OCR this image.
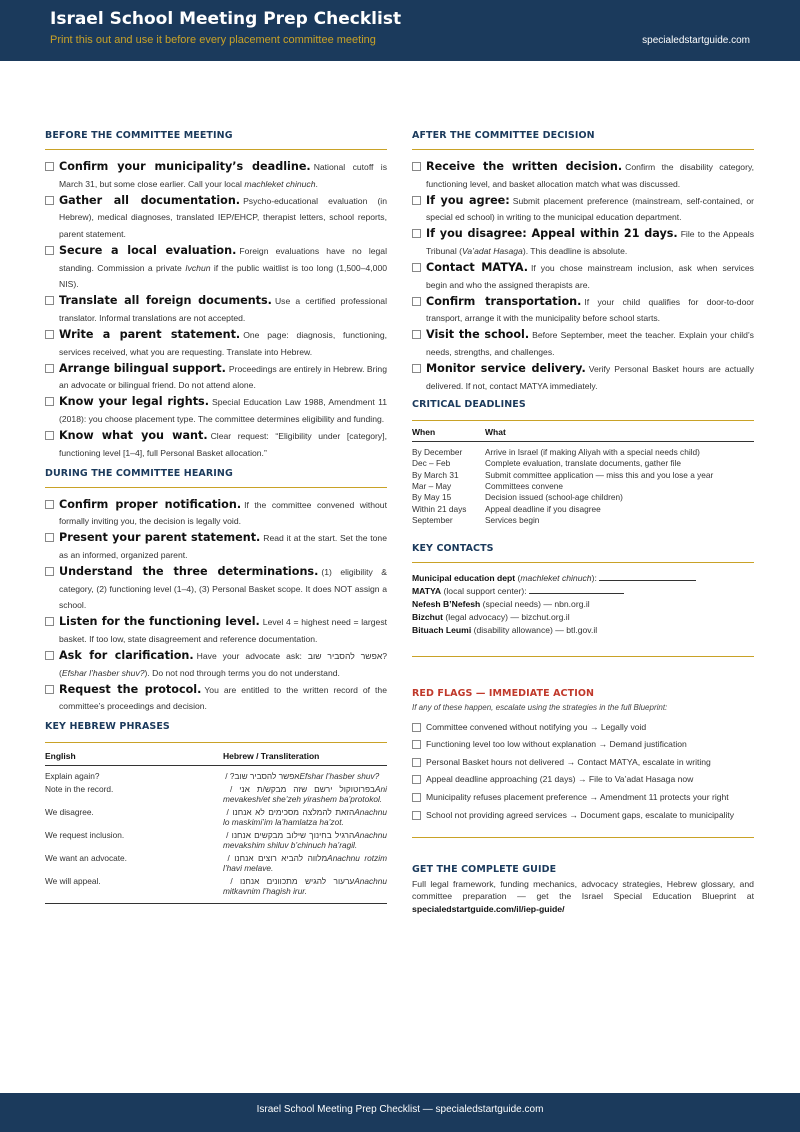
Israel School Meeting Prep Checklist
Print this out and use it before every placement committee meeting	specialedstartguide.com
BEFORE THE COMMITTEE MEETING
Confirm your municipality’s deadline. National cutoff is March 31, but some close earlier. Call your local machleket chinuch.
Gather all documentation. Psycho-educational evaluation (in Hebrew), medical diagnoses, translated IEP/EHCP, therapist letters, school reports, parent statement.
Secure a local evaluation. Foreign evaluations have no legal standing. Commission a private Ivchun if the public waitlist is too long (1,500–4,000 NIS).
Translate all foreign documents. Use a certified professional translator. Informal translations are not accepted.
Write a parent statement. One page: diagnosis, functioning, services received, what you are requesting. Translate into Hebrew.
Arrange bilingual support. Proceedings are entirely in Hebrew. Bring an advocate or bilingual friend. Do not attend alone.
Know your legal rights. Special Education Law 1988, Amendment 11 (2018): you choose placement type. The committee determines eligibility and funding.
Know what you want. Clear request: “Eligibility under [category], functioning level [1–4], full Personal Basket allocation.”
DURING THE COMMITTEE HEARING
Confirm proper notification. If the committee convened without formally inviting you, the decision is legally void.
Present your parent statement. Read it at the start. Set the tone as an informed, organized parent.
Understand the three determinations. (1) eligibility & category, (2) functioning level (1–4), (3) Personal Basket scope. It does NOT assign a school.
Listen for the functioning level. Level 4 = highest need = largest basket. If too low, state disagreement and reference documentation.
Ask for clarification. Have your advocate ask: אפשר להסביר שוב? (Efshar l’hasber shuv?). Do not nod through terms you do not understand.
Request the protocol. You are entitled to the written record of the committee’s proceedings and decision.
KEY HEBREW PHRASES
English	Hebrew / Transliteration
Explain again?	אפשר להסביר שוב? / Efshar l’hasber shuv?
Note in the record.	בפרוטוקול ירשם שזה מבקש/ת אני / Ani mevakesh/et she’zeh yirashem ba’protokol.
We disagree.	הזאת להמלצה מסכימים לא אנחנו / Anachnu lo maskimi’im la’hamlatza ha’zot.
We request inclusion.	הרגיל בחינוך שילוב מבקשים אנחנו / Anachnu mevakshim shiluv b’chinuch ha’ragil.
We want an advocate.	מלווה להביא רוצים אנחנו / Anachnu rotzim l’havi melave.
We will appeal.	ערעור להגיש מתכוונים אנחנו / Anachnu mitkavnim l’hagish irur.
AFTER THE COMMITTEE DECISION
Receive the written decision. Confirm the disability category, functioning level, and basket allocation match what was discussed.
If you agree: Submit placement preference (mainstream, self-contained, or special ed school) in writing to the municipal education department.
If you disagree: Appeal within 21 days. File to the Appeals Tribunal (Va’adat Hasaga). This deadline is absolute.
Contact MATYA. If you chose mainstream inclusion, ask when services begin and who the assigned therapists are.
Confirm transportation. If your child qualifies for door-to-door transport, arrange it with the municipality before school starts.
Visit the school. Before September, meet the teacher. Explain your child’s needs, strengths, and challenges.
Monitor service delivery. Verify Personal Basket hours are actually delivered. If not, contact MATYA immediately.
CRITICAL DEADLINES
When	What
By December	Arrive in Israel (if making Aliyah with a special needs child)
Dec – Feb	Complete evaluation, translate documents, gather file
By March 31	Submit committee application — miss this and you lose a year
Mar – May	Committees convene
By May 15	Decision issued (school-age children)
Within 21 days	Appeal deadline if you disagree
September	Services begin
KEY CONTACTS
Municipal education dept (machleket chinuch):
MATYA (local support center):
Nefesh B’Nefesh (special needs) — nbn.org.il
Bizchut (legal advocacy) — bizchut.org.il
Bituach Leumi (disability allowance) — btl.gov.il
RED FLAGS — IMMEDIATE ACTION
If any of these happen, escalate using the strategies in the full Blueprint:
Committee convened without notifying you → Legally void
Functioning level too low without explanation → Demand justification
Personal Basket hours not delivered → Contact MATYA, escalate in writing
Appeal deadline approaching (21 days) → File to Va’adat Hasaga now
Municipality refuses placement preference → Amendment 11 protects your right
School not providing agreed services → Document gaps, escalate to municipality
GET THE COMPLETE GUIDE
Full legal framework, funding mechanics, advocacy strategies, Hebrew glossary, and committee preparation — get the Israel Special Education Blueprint at specialedstartguide.com/il/iep-guide/
Israel School Meeting Prep Checklist — specialedstartguide.com
